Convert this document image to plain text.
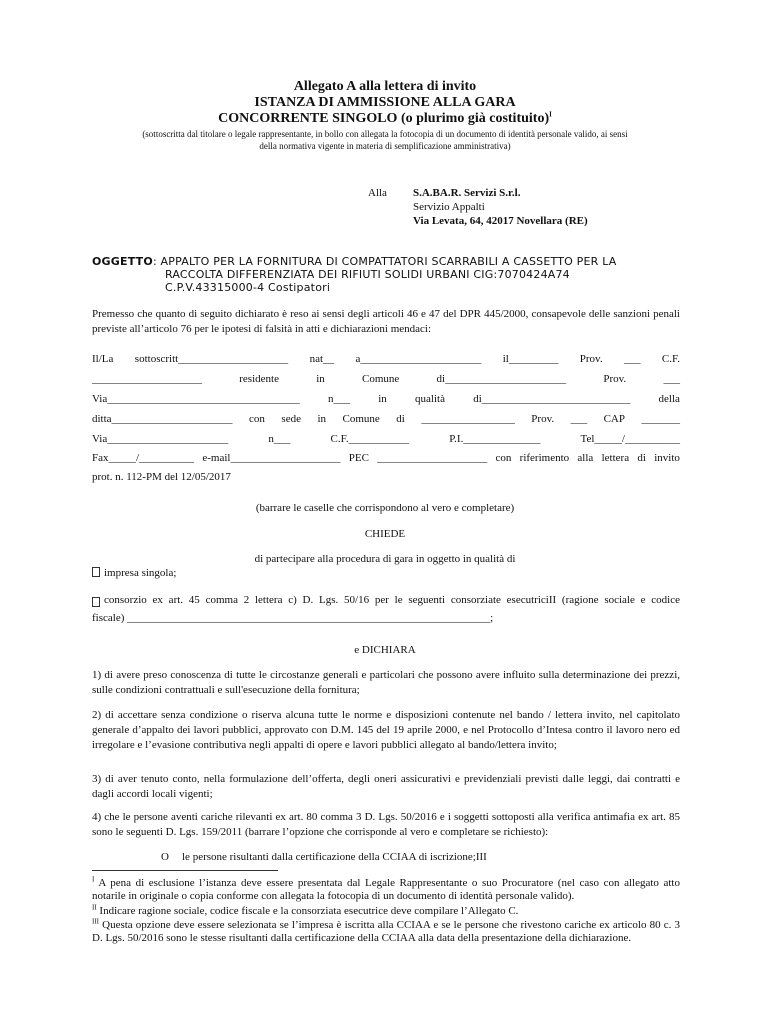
Allegato A alla lettera di invito
ISTANZA DI AMMISSIONE ALLA GARA
CONCORRENTE SINGOLO (o plurimo già costituito)$^I$
(sottoscritta dal titolare o legale rappresentante, in bollo con allegata la fotocopia di un documento di identità personale valido, ai sensi
della normativa vigente in materia di semplificazione amministrativa)
Alla S.A.BA.R. Servizi S.r.l.
Servizio Appalti
Via Levata, 64, 42017 Novellara (RE)
OGGETTO: APPALTO PER LA FORNITURA DI COMPATTATORI SCARRABILI A CASSETTO PER LA
RACCOLTA DIFFERENZIATA DEI RIFIUTI SOLIDI URBANI CIG:7070424A74
C.P.V.43315000-4 Costipatori
Premesso che quanto di seguito dichiarato è reso ai sensi degli articoli 46 e 47 del DPR 445/2000, consapevole delle sanzioni penali previste all’articolo 76 per le ipotesi di falsità in atti e dichiarazioni mendaci:
Il/La sottoscritt____________________ nat__ a______________________ il_________ Prov. ___ C.F.
____________________	residente	in	Comune	di______________________	Prov.	___
Via___________________________________	n___	in	qualità	di___________________________	della
ditta______________________ con sede in Comune di _________________ Prov. ___ CAP _______
Via______________________	n___	C.F.___________	P.I.______________	Tel_____/__________
Fax_____/__________ e-mail____________________ PEC ____________________ con riferimento alla lettera di invito
prot. n. 112-PM del 12/05/2017
(barrare le caselle che corrispondono al vero e completare)
CHIEDE
di partecipare alla procedura di gara in oggetto in qualità di
impresa singola;
consorzio ex art. 45 comma 2 lettera c) D. Lgs. 50/16 per le seguenti consorziate esecutriciII (ragione sociale e codice
fiscale) __________________________________________________________________;
e DICHIARA
1) di avere preso conoscenza di tutte le circostanze generali e particolari che possono avere influito sulla determinazione dei prezzi, sulle condizioni contrattuali e sull'esecuzione della fornitura;
2) di accettare senza condizione o riserva alcuna tutte le norme e disposizioni contenute nel bando / lettera invito, nel capitolato generale d’appalto dei lavori pubblici, approvato con D.M. 145 del 19 aprile 2000, e nel Protocollo d’Intesa contro il lavoro nero ed irregolare e l’evasione contributiva negli appalti di opere e lavori pubblici allegato al bando/lettera invito;
3) di aver tenuto conto, nella formulazione dell’offerta, degli oneri assicurativi e previdenziali previsti dalle leggi, dai contratti e dagli accordi locali vigenti;
4) che le persone aventi cariche rilevanti ex art. 80 comma 3 D. Lgs. 50/2016 e i soggetti sottoposti alla verifica antimafia ex art. 85 sono le seguenti D. Lgs. 159/2011 (barrare l’opzione che corrisponde al vero e completare se richiesto):
O le persone risultanti dalla certificazione della CCIAA di iscrizione;III
$^I$ A pena di esclusione l’istanza deve essere presentata dal Legale Rappresentante o suo Procuratore (nel caso con allegato atto notarile in originale o copia conforme con allegata la fotocopia di un documento di identità personale valido).
$^{II}$ Indicare ragione sociale, codice fiscale e la consorziata esecutrice deve compilare l’Allegato C.
$^{III}$ Questa opzione deve essere selezionata se l’impresa è iscritta alla CCIAA e se le persone che rivestono cariche ex articolo 80 c. 3 D. Lgs. 50/2016 sono le stesse risultanti dalla certificazione della CCIAA alla data della presentazione della dichiarazione.
